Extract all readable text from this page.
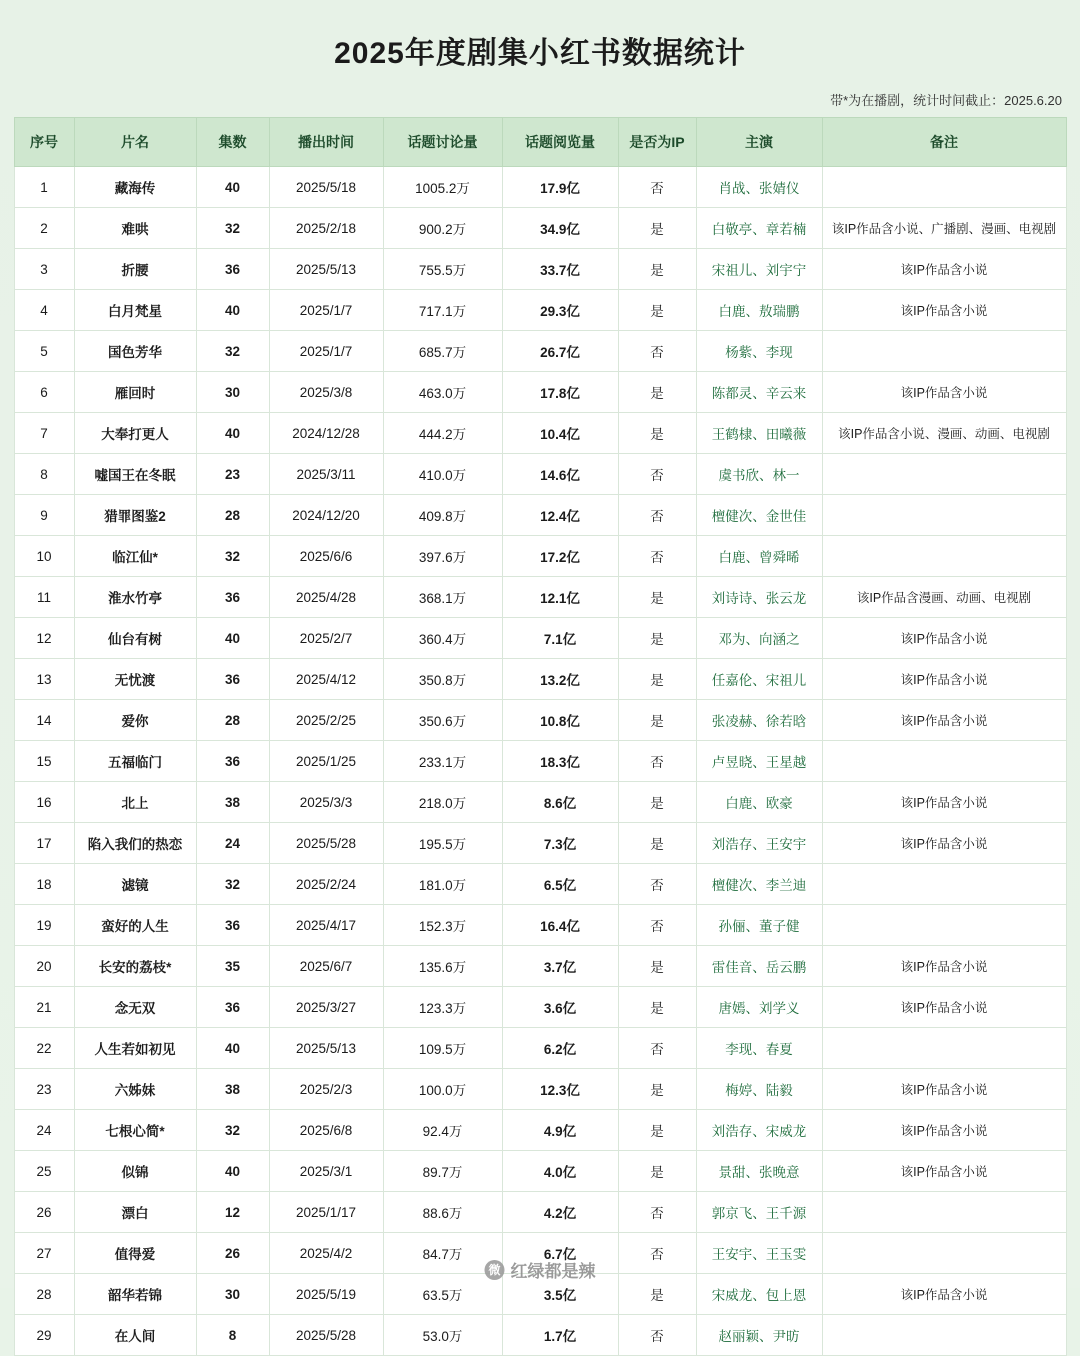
2025年度剧集小红书数据统计
带*为在播剧，统计时间截止：2025.6.20
序号	片名	集数	播出时间	话题讨论量	话题阅览量	是否为IP	主演	备注
1	藏海传	40	2025/5/18	1005.2万	17.9亿	否	肖战、张婧仪	
2	难哄	32	2025/2/18	900.2万	34.9亿	是	白敬亭、章若楠	该IP作品含小说、广播剧、漫画、电视剧
3	折腰	36	2025/5/13	755.5万	33.7亿	是	宋祖儿、刘宇宁	该IP作品含小说
4	白月梵星	40	2025/1/7	717.1万	29.3亿	是	白鹿、敖瑞鹏	该IP作品含小说
5	国色芳华	32	2025/1/7	685.7万	26.7亿	否	杨紫、李现	
6	雁回时	30	2025/3/8	463.0万	17.8亿	是	陈都灵、辛云来	该IP作品含小说
7	大奉打更人	40	2024/12/28	444.2万	10.4亿	是	王鹤棣、田曦薇	该IP作品含小说、漫画、动画、电视剧
8	嘘国王在冬眠	23	2025/3/11	410.0万	14.6亿	否	虞书欣、林一	
9	猎罪图鉴2	28	2024/12/20	409.8万	12.4亿	否	檀健次、金世佳	
10	临江仙*	32	2025/6/6	397.6万	17.2亿	否	白鹿、曾舜晞	
11	淮水竹亭	36	2025/4/28	368.1万	12.1亿	是	刘诗诗、张云龙	该IP作品含漫画、动画、电视剧
12	仙台有树	40	2025/2/7	360.4万	7.1亿	是	邓为、向涵之	该IP作品含小说
13	无忧渡	36	2025/4/12	350.8万	13.2亿	是	任嘉伦、宋祖儿	该IP作品含小说
14	爱你	28	2025/2/25	350.6万	10.8亿	是	张凌赫、徐若晗	该IP作品含小说
15	五福临门	36	2025/1/25	233.1万	18.3亿	否	卢昱晓、王星越	
16	北上	38	2025/3/3	218.0万	8.6亿	是	白鹿、欧豪	该IP作品含小说
17	陷入我们的热恋	24	2025/5/28	195.5万	7.3亿	是	刘浩存、王安宇	该IP作品含小说
18	滤镜	32	2025/2/24	181.0万	6.5亿	否	檀健次、李兰迪	
19	蛮好的人生	36	2025/4/17	152.3万	16.4亿	否	孙俪、董子健	
20	长安的荔枝*	35	2025/6/7	135.6万	3.7亿	是	雷佳音、岳云鹏	该IP作品含小说
21	念无双	36	2025/3/27	123.3万	3.6亿	是	唐嫣、刘学义	该IP作品含小说
22	人生若如初见	40	2025/5/13	109.5万	6.2亿	否	李现、春夏	
23	六姊妹	38	2025/2/3	100.0万	12.3亿	是	梅婷、陆毅	该IP作品含小说
24	七根心简*	32	2025/6/8	92.4万	4.9亿	是	刘浩存、宋威龙	该IP作品含小说
25	似锦	40	2025/3/1	89.7万	4.0亿	是	景甜、张晚意	该IP作品含小说
26	漂白	12	2025/1/17	88.6万	4.2亿	否	郭京飞、王千源	
27	值得爱	26	2025/4/2	84.7万	6.7亿	否	王安宇、王玉雯	
28	韶华若锦	30	2025/5/19	63.5万	3.5亿	是	宋威龙、包上恩	该IP作品含小说
29	在人间	8	2025/5/28	53.0万	1.7亿	否	赵丽颖、尹昉	
微 红绿都是辣
